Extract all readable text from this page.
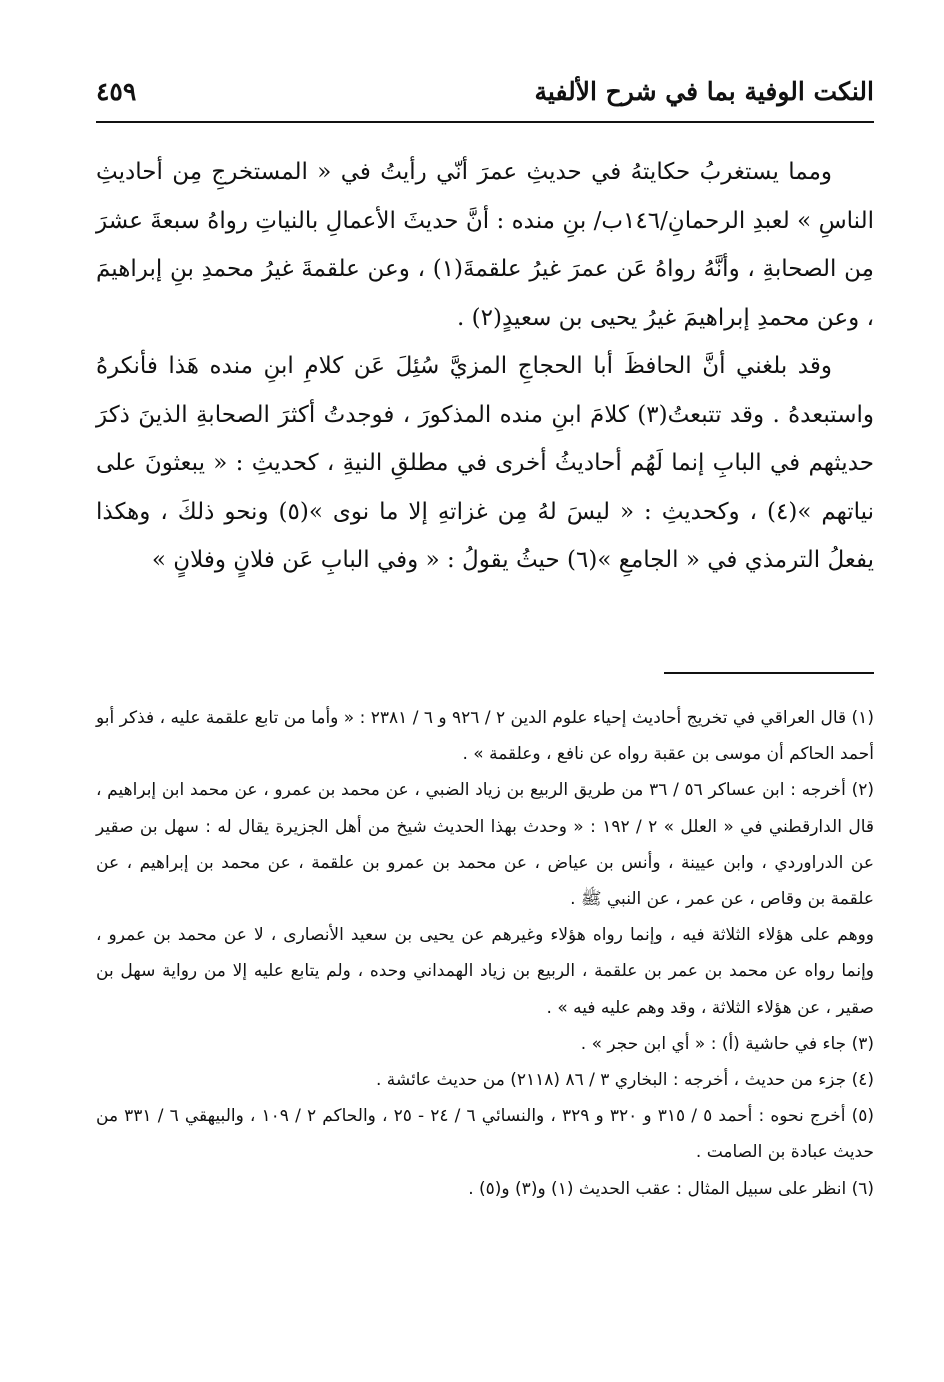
النكت الوفية بما في شرح الألفية
٤٥٩

ومما يستغربُ حكايتهُ في حديثِ عمرَ أنّي رأيتُ في « المستخرجِ مِن أحاديثِ الناسِ » لعبدِ الرحمانِ/١٤٦ب/ بنِ منده : أنَّ حديثَ الأعمالِ بالنياتِ رواهُ سبعةَ عشرَ مِن الصحابةِ ، وأنَّهُ رواهُ عَن عمرَ غيرُ علقمةَ(١) ، وعن علقمةَ غيرُ محمدِ بنِ إبراهيمَ ، وعن محمدِ إبراهيمَ غيرُ يحيى بن سعيدٍ(٢) .

وقد بلغني أنَّ الحافظَ أبا الحجاجِ المزيَّ سُئِلَ عَن كلامِ ابنِ منده هَذا فأنكرهُ واستبعدهُ . وقد تتبعتُ(٣) كلامَ ابنِ منده المذكورَ ، فوجدتُ أكثرَ الصحابةِ الذينَ ذكرَ حديثهم في البابِ إنما لَهُم أحاديثُ أخرى في مطلقِ النيةِ ، كحديثِ : « يبعثونَ على نياتهم »(٤) ، وكحديثِ : « ليسَ لهُ مِن غزاتهِ إلا ما نوى »(٥) ونحو ذلكَ ، وهكذا يفعلُ الترمذي في « الجامعِ »(٦) حيثُ يقولُ : « وفي البابِ عَن فلانٍ وفلانٍ »

(١) قال العراقي في تخريج أحاديث إحياء علوم الدين ٢ / ٩٢٦ و ٦ / ٢٣٨١ : « وأما من تابع علقمة عليه ، فذكر أبو أحمد الحاكم أن موسى بن عقبة رواه عن نافع ، وعلقمة » .

(٢) أخرجه : ابن عساكر ٥٦ / ٣٦ من طريق الربيع بن زياد الضبي ، عن محمد بن عمرو ، عن محمد ابن إبراهيم ، قال الدارقطني في « العلل » ٢ / ١٩٢ : « وحدث بهذا الحديث شيخ من أهل الجزيرة يقال له : سهل بن صقير عن الدراوردي ، وابن عيينة ، وأنس بن عياض ، عن محمد بن عمرو بن علقمة ، عن محمد بن إبراهيم ، عن علقمة بن وقاص ، عن عمر ، عن النبي ﷺ .

ووهم على هؤلاء الثلاثة فيه ، وإنما رواه هؤلاء وغيرهم عن يحيى بن سعيد الأنصارى ، لا عن محمد بن عمرو ، وإنما رواه عن محمد بن عمر بن علقمة ، الربيع بن زياد الهمداني وحده ، ولم يتابع عليه إلا من رواية سهل بن صقير ، عن هؤلاء الثلاثة ، وقد وهم عليه فيه » .

(٣) جاء في حاشية (أ) : « أي ابن حجر » .

(٤) جزء من حديث ، أخرجه : البخاري ٣ / ٨٦ (٢١١٨) من حديث عائشة .

(٥) أخرج نحوه : أحمد ٥ / ٣١٥ و ٣٢٠ و ٣٢٩ ، والنسائي ٦ / ٢٤ - ٢٥ ، والحاكم ٢ / ١٠٩ ، والبيهقي ٦ / ٣٣١ من حديث عبادة بن الصامت .

(٦) انظر على سبيل المثال : عقب الحديث (١) و(٣) و(٥) .
